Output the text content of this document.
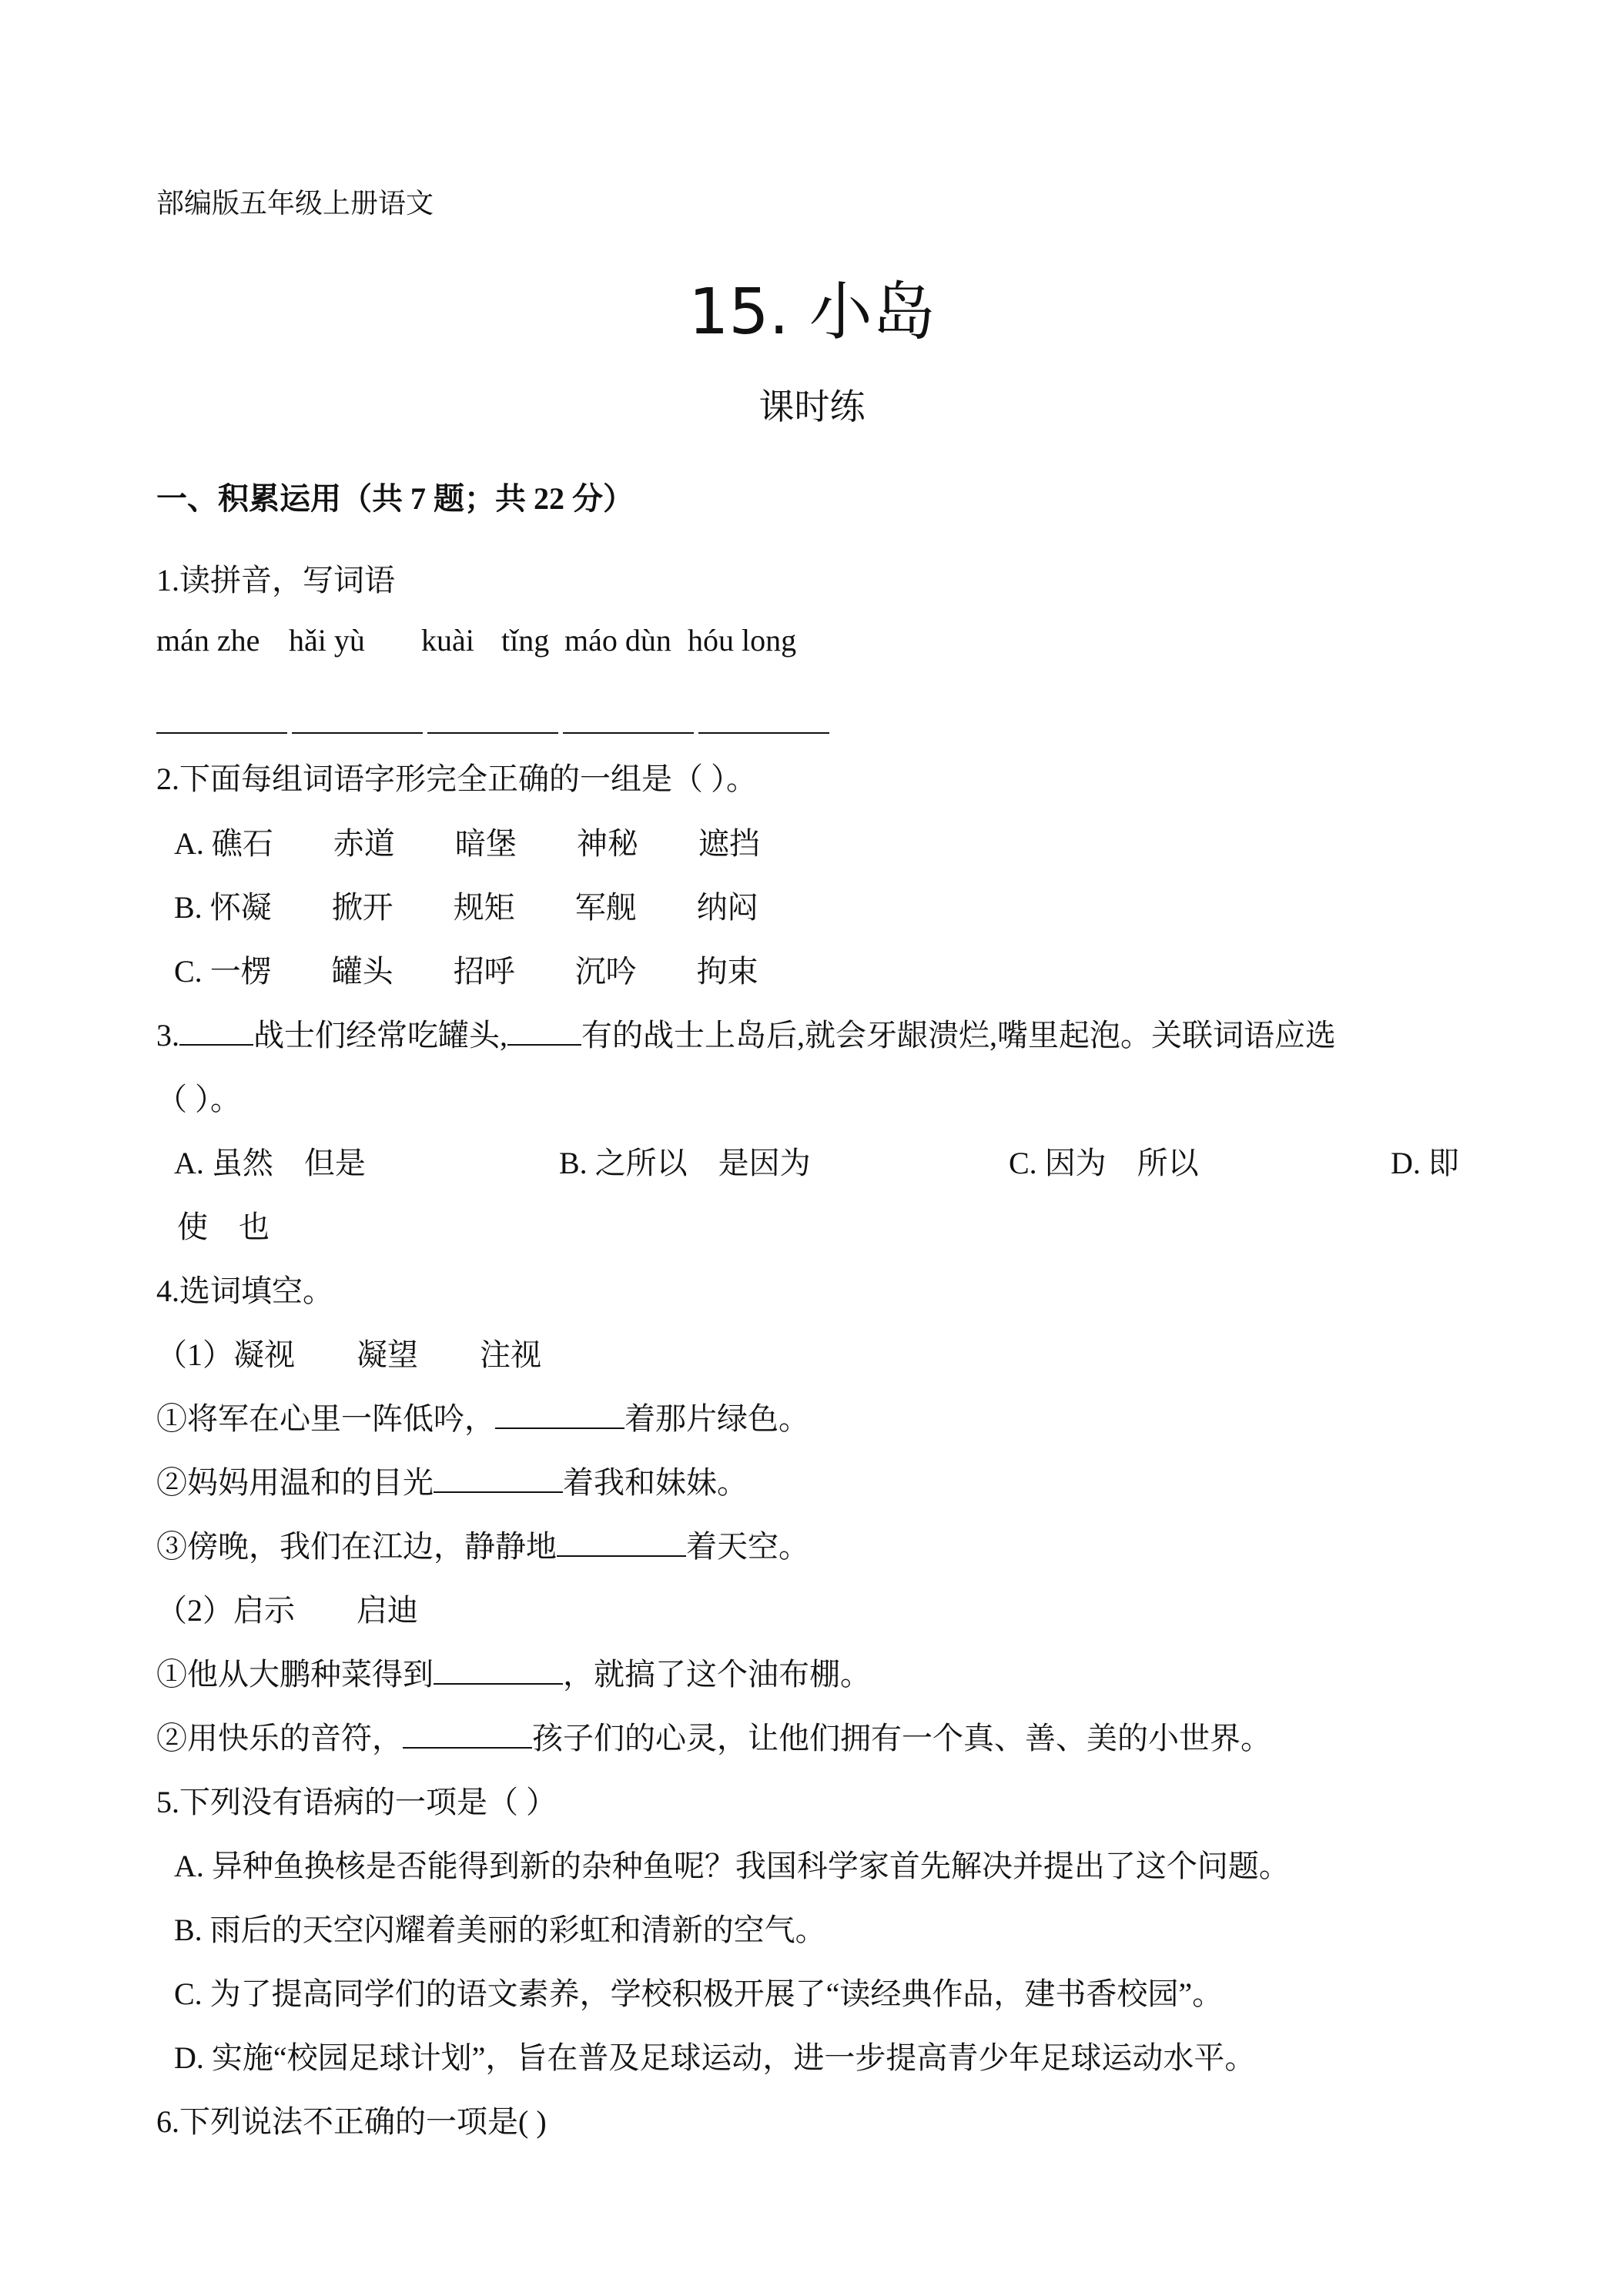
部编版五年级上册语文
15. 小岛
课时练
一、积累运用（共 7 题；共 22 分）
1.读拼音，写词语
mán zhe hǎi yù kuài tǐng máo dùn hóu long
2.下面每组词语字形完全正确的一组是（ ）。
A. 礁石 赤道 暗堡 神秘 遮挡
B. 怀凝 掀开 规矩 军舰 纳闷
C. 一楞 罐头 招呼 沉吟 拘束
3. 战士们经常吃罐头, 有的战士上岛后,就会牙龈溃烂,嘴里起泡。关联词语应选
（ ）。
A. 虽然　但是	B. 之所以　是因为	C. 因为　所以	D. 即
使　也
4.选词填空。
（1）凝视　　凝望　　注视
①将军在心里一阵低吟，	着那片绿色。
②妈妈用温和的目光	着我和妹妹。
③傍晚，我们在江边，静静地	着天空。
（2）启示　　启迪
①他从大鹏种菜得到	，就搞了这个油布棚。
②用快乐的音符，	孩子们的心灵，让他们拥有一个真、善、美的小世界。
5.下列没有语病的一项是（ ）
A. 异种鱼换核是否能得到新的杂种鱼呢？我国科学家首先解决并提出了这个问题。
B. 雨后的天空闪耀着美丽的彩虹和清新的空气。
C. 为了提高同学们的语文素养，学校积极开展了“读经典作品，建书香校园”。
D. 实施“校园足球计划”，旨在普及足球运动，进一步提高青少年足球运动水平。
6.下列说法不正确的一项是( )
